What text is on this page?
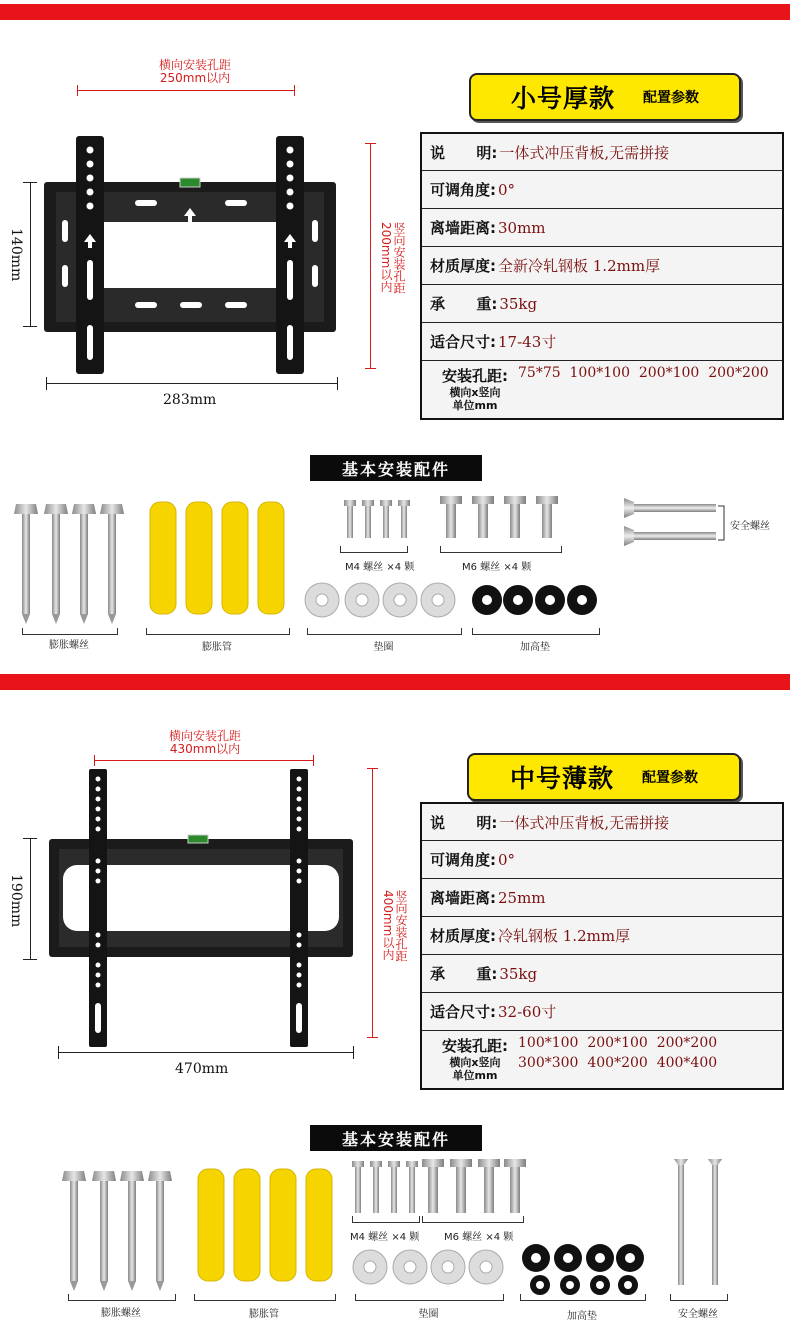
横向安装孔距
250mm以内
140mm	竖向安装孔距200mm以内
283mm
小号厚款 配置参数
说      明: 一体式冲压背板,无需拼接
可调角度: 0°
离墙距离: 30mm
材质厚度: 全新冷轧钢板 1.2mm厚
承      重: 35kg
适合尺寸: 17-43寸
安装孔距:
横向x竖向
单位mm
75*75  100*100  200*100  200*200
基本安装配件
安全螺丝
M4 螺丝 ×4 颗	M6 螺丝 ×4 颗
膨胀螺丝	膨胀管	垫圈	加高垫
横向安装孔距
430mm以内
190mm	竖向安装孔距400mm以内
470mm
中号薄款 配置参数
说      明: 一体式冲压背板,无需拼接
可调角度: 0°
离墙距离: 25mm
材质厚度: 冷轧钢板 1.2mm厚
承      重: 35kg
适合尺寸: 32-60寸
安装孔距:
横向x竖向
单位mm
100*100  200*100  200*200
300*300  400*200  400*400
基本安装配件
M4 螺丝 ×4 颗 M6 螺丝 ×4 颗
膨胀螺丝	膨胀管	垫圈	加高垫	安全螺丝
